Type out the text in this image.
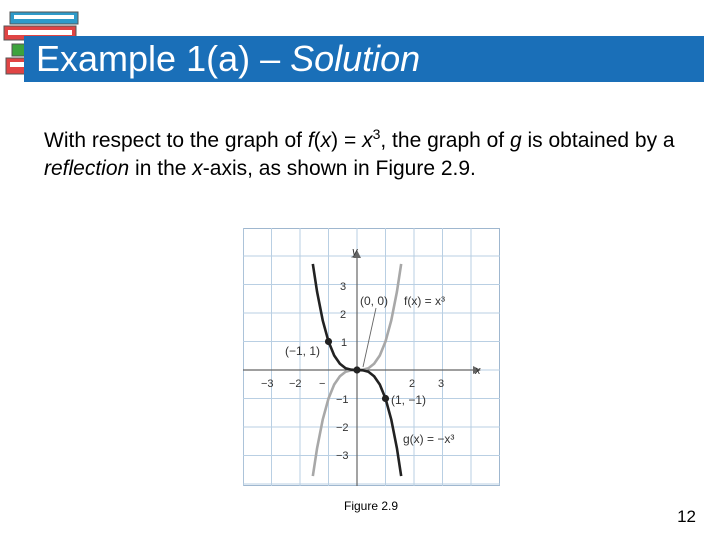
Example 1(a) – Solution

With respect to the graph of $f(x) = x^3$, the graph of g is obtained by a reflection in the x-axis, as shown in Figure 2.9.

x
y
−3 −2 −	2 3
3
2
1
−1
−2
−3
(0, 0) f(x) = x³
(−1, 1)
(1, −1)
g(x) = −x³
Figure 2.9
12
